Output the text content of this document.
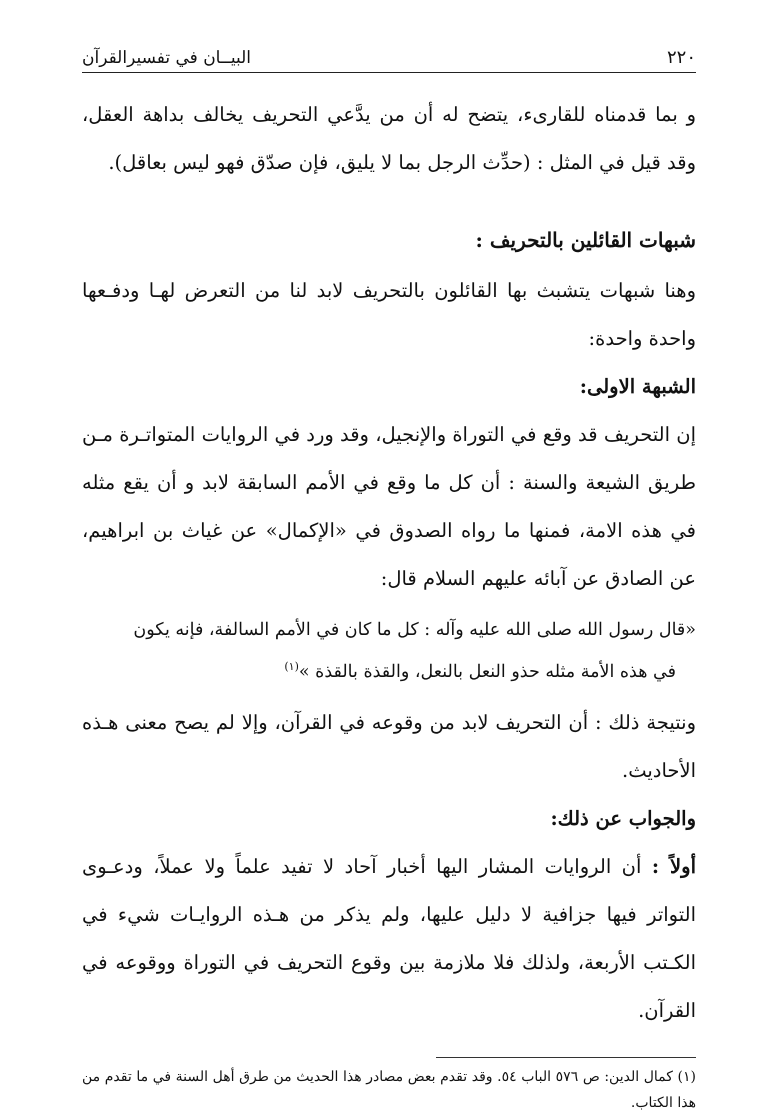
٢٢٠
البيــان في تفسيرالقرآن

و بما قدمناه للقارىء، يتضح له أن من يدَّعي التحريف يخالف بداهة العقل، وقد قيل في المثل : (حدِّث الرجل بما لا يليق، فإن صدّق فهو ليس بعاقل).

شبهات القائلين بالتحريف :

وهنا شبهات يتشبث بها القائلون بالتحريف لابد لنا من التعرض لهـا ودفـعها واحدة واحدة:

الشبهة الاولى:

إن التحريف قد وقع في التوراة والإنجيل، وقد ورد في الروايات المتواتـرة مـن طريق الشيعة والسنة : أن كل ما وقع في الأمم السابقة لابد و أن يقع مثله في هذه الامة، فمنها ما رواه الصدوق في «الإكمال» عن غياث بن ابراهيم، عن الصادق عن آبائه عليهم السلام قال:

«قال رسول الله صلى الله عليه وآله : كل ما كان في الأمم السالفة، فإنه يكون
في هذه الأمة مثله حذو النعل بالنعل، والقذة بالقذة »$^{(١)}$

ونتيجة ذلك : أن التحريف لابد من وقوعه في القرآن، وإلا لم يصح معنى هـذه الأحاديث.

والجواب عن ذلك:

أولاً : أن الروايات المشار اليها أخبار آحاد لا تفيد علماً ولا عملاً، ودعـوى التواتر فيها جزافية لا دليل عليها، ولم يذكر من هـذه الروايـات شيء في الكـتب الأربعة، ولذلك فلا ملازمة بين وقوع التحريف في التوراة ووقوعه في القرآن.

(١) كمال الدين: ص ٥٧٦ الباب ٥٤. وقد تقدم بعض مصادر هذا الحديث من طرق أهل السنة في ما تقدم من هذا الكتاب.
